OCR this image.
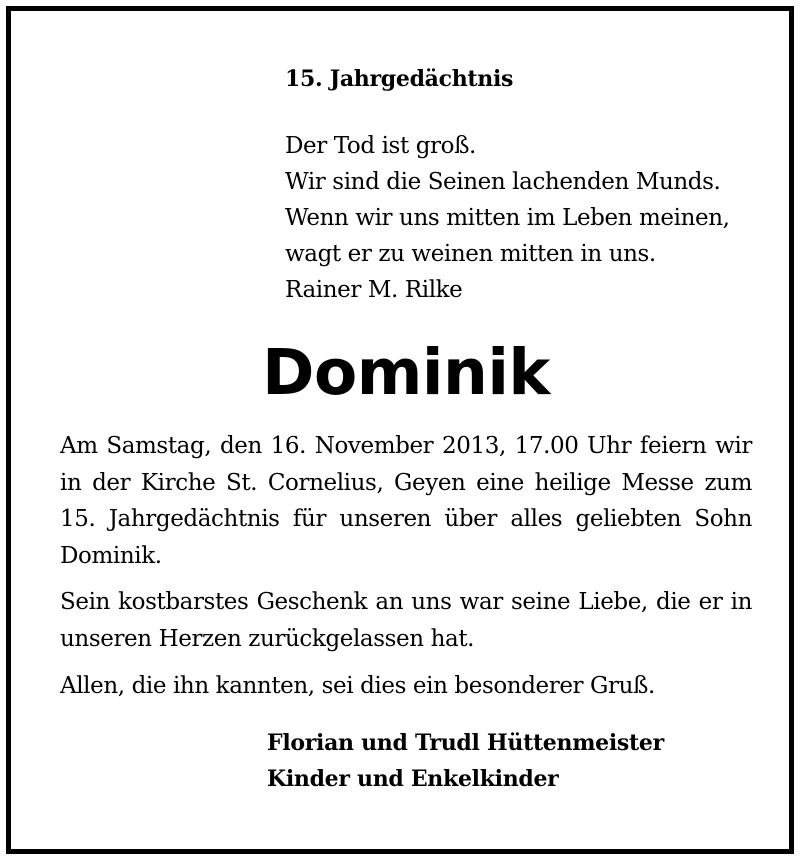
15. Jahrgedächtnis
Der Tod ist groß.
Wir sind die Seinen lachenden Munds.
Wenn wir uns mitten im Leben meinen,
wagt er zu weinen mitten in uns.
Rainer M. Rilke
Dominik
Am Samstag, den 16. November 2013, 17.00 Uhr feiern wir in der Kirche St. Cornelius, Geyen eine heilige Messe zum 15. Jahrgedächtnis für unseren über alles geliebten Sohn Dominik.
Sein kostbarstes Geschenk an uns war seine Liebe, die er in unseren Herzen zurückgelassen hat.
Allen, die ihn kannten, sei dies ein besonderer Gruß.
Florian und Trudl Hüttenmeister
Kinder und Enkelkinder
